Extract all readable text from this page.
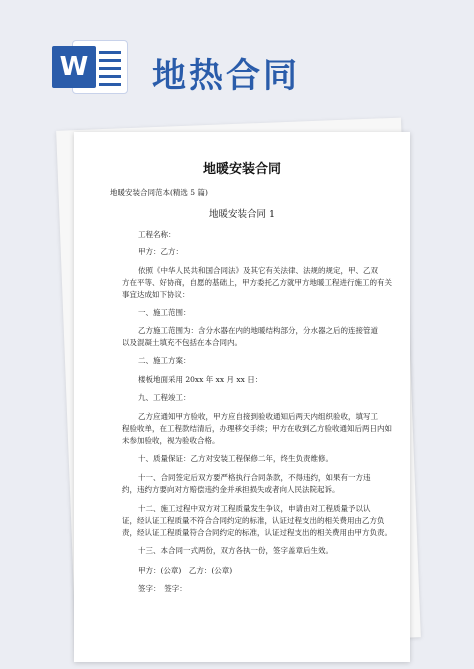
W 地热合同
地暖安装合同
地暖安装合同范本(精选 5 篇)
地暖安装合同 1
工程名称：
甲方：乙方：
依照《中华人民共和国合同法》及其它有关法律、法规的规定，甲、乙双
方在平等、好协商，自愿的基础上，甲方委托乙方就甲方地暖工程进行施工的有关
事宜达成如下协议：
一、施工范围：
乙方施工范围为：含分水器在内的地暖结构部分，分水器之后的连接管道
以及混凝土填充不包括在本合同内。
二、施工方案：
楼板地面采用 20xx 年 xx 月 xx 日：
九、工程竣工：
乙方应通知甲方验收，甲方应自接到验收通知后两天内组织验收，填写工
程验收单，在工程款结清后，办理移交手续；甲方在收到乙方验收通知后两日内如
未参加验收，视为验收合格。
十、质量保证：乙方对安装工程保修二年，终生负责维修。
十一、合同签定后双方要严格执行合同条款，不得违约，如果有一方违
约，违约方要向对方赔偿违约金并承担损失或者向人民法院起诉。
十二、施工过程中双方对工程质量发生争议，申请由对工程质量予以认
证，经认证工程质量不符合合同约定的标准，认证过程支出的相关费用由乙方负
责，经认证工程质量符合合同约定的标准，认证过程支出的相关费用由甲方负责。
十三、本合同一式两份，双方各执一份，签字盖章后生效。
甲方：(公章)　乙方：(公章)
签字：　签字：
